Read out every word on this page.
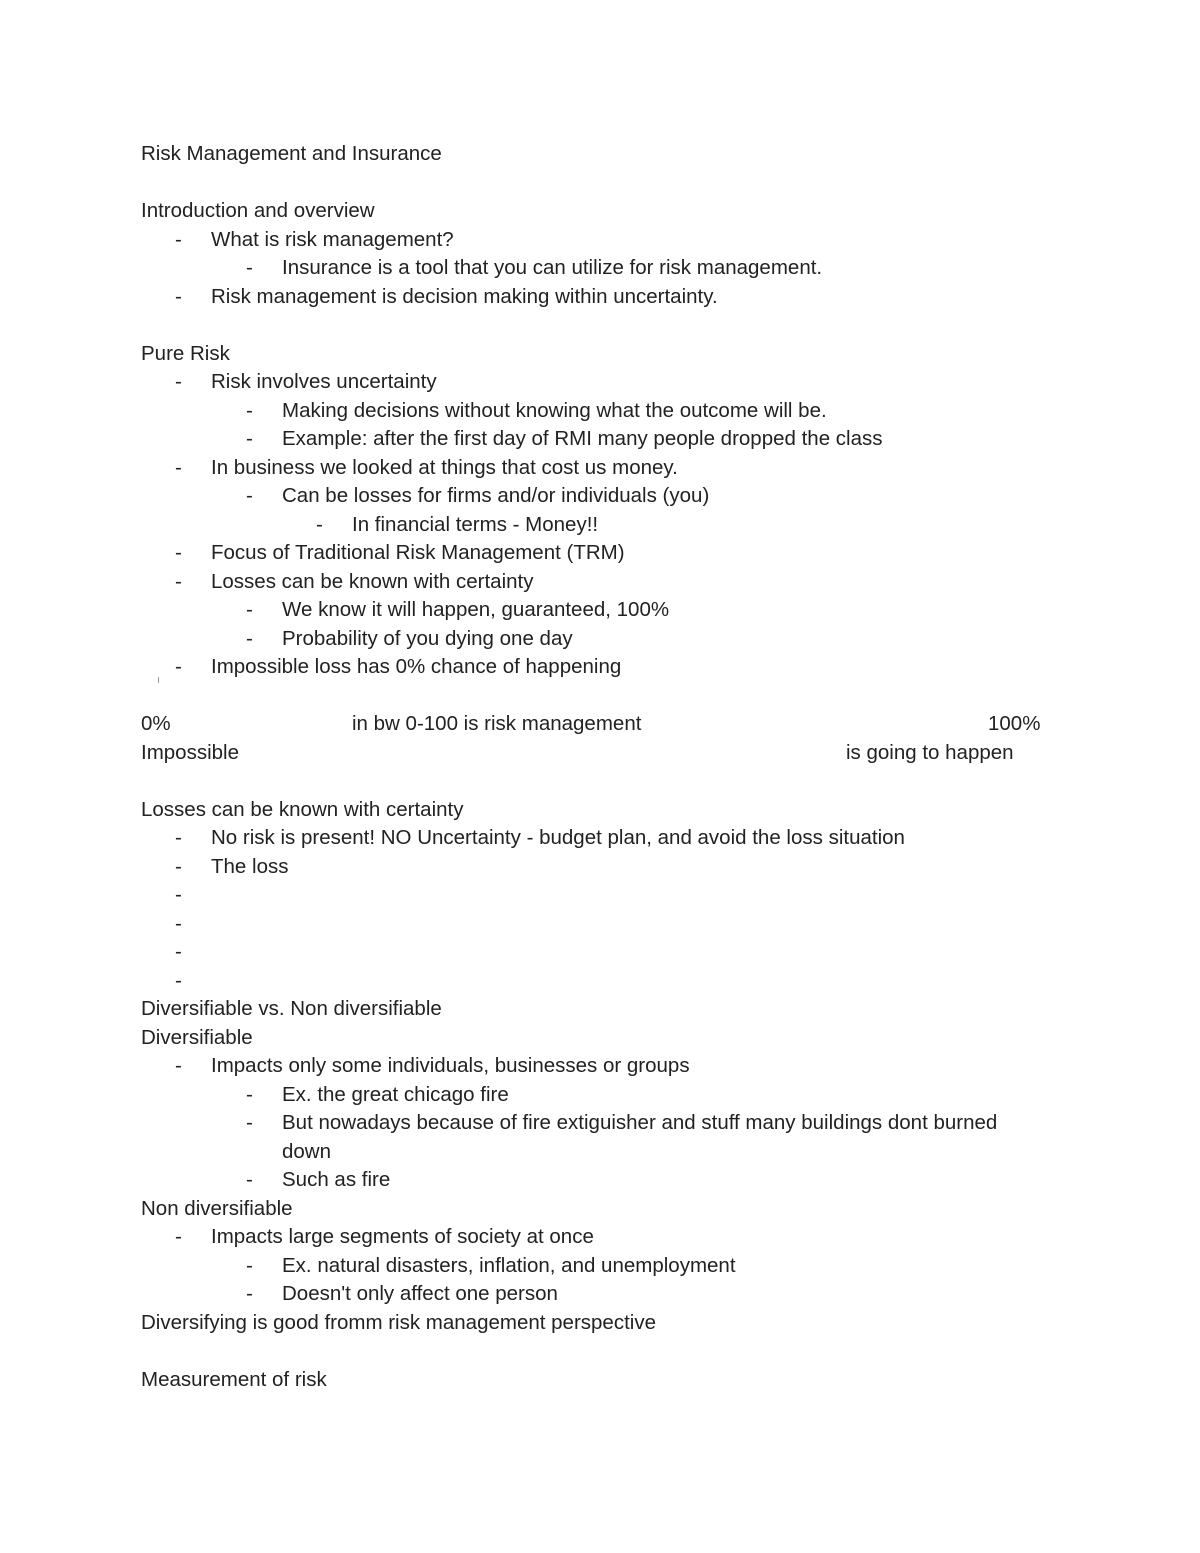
Risk Management and Insurance
Introduction and overview
- What is risk management?
- Insurance is a tool that you can utilize for risk management.
- Risk management is decision making within uncertainty.
Pure Risk
- Risk involves uncertainty
- Making decisions without knowing what the outcome will be.
- Example: after the first day of RMI many people dropped the class
- In business we looked at things that cost us money.
- Can be losses for firms and/or individuals (you)
- In financial terms - Money!!
- Focus of Traditional Risk Management (TRM)
- Losses can be known with certainty
- We know it will happen, guaranteed, 100%
- Probability of you dying one day
- Impossible loss has 0% chance of happening
0%	in bw 0-100 is risk management	100%
Impossible	is going to happen
Losses can be known with certainty
- No risk is present! NO Uncertainty - budget plan, and avoid the loss situation
- The loss
-
-
-
-
Diversifiable vs. Non diversifiable
Diversifiable
- Impacts only some individuals, businesses or groups
- Ex. the great chicago fire
- But nowadays because of fire extiguisher and stuff many buildings dont burned down
- Such as fire
Non diversifiable
- Impacts large segments of society at once
- Ex. natural disasters, inflation, and unemployment
- Doesn't only affect one person
Diversifying is good fromm risk management perspective
Measurement of risk
